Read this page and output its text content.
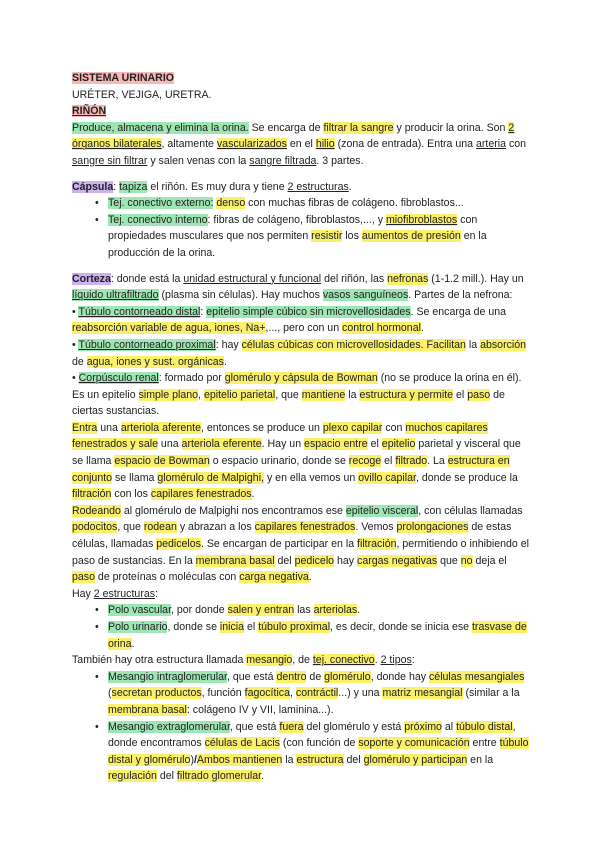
SISTEMA URINARIO

URÉTER, VEJIGA, URETRA.

RIÑÓN

Produce, almacena y elimina la orina. Se encarga de filtrar la sangre y producir la orina. Son 2 órganos bilaterales, altamente vascularizados en el hilio (zona de entrada). Entra una arteria con sangre sin filtrar y salen venas con la sangre filtrada. 3 partes.

Cápsula: tapiza el riñón. Es muy dura y tiene 2 estructuras.

• Tej. conectivo externo: denso con muchas fibras de colágeno. fibroblastos...
• Tej. conectivo interno: fibras de colágeno, fibroblastos,..., y miofibroblastos con propiedades musculares que nos permiten resistir los aumentos de presión en la producción de la orina.

Corteza: donde está la unidad estructural y funcional del riñón, las nefronas (1-1.2 mill.). Hay un líquido ultrafiltrado (plasma sin células). Hay muchos vasos sanguíneos. Partes de la nefrona:

• Túbulo contorneado distal: epitelio simple cúbico sin microvellosidades. Se encarga de una reabsorción variable de agua, iones, Na+,..., pero con un control hormonal.

• Túbulo contorneado proximal: hay células cúbicas con microvellosidades. Facilitan la absorción de agua, iones y sust. orgánicas.

• Corpúsculo renal: formado por glomérulo y cápsula de Bowman (no se produce la orina en él). Es un epitelio simple plano, epitelio parietal, que mantiene la estructura y permite el paso de ciertas sustancias.

Entra una arteriola aferente, entonces se produce un plexo capilar con muchos capilares fenestrados y sale una arteriola eferente. Hay un espacio entre el epitelio parietal y visceral que se llama espacio de Bowman o espacio urinario, donde se recoge el filtrado. La estructura en conjunto se llama glomérulo de Malpighi, y en ella vemos un ovillo capilar, donde se produce la filtración con los capilares fenestrados.

Rodeando al glomérulo de Malpighi nos encontramos ese epitelio visceral, con células llamadas podocitos, que rodean y abrazan a los capilares fenestrados. Vemos prolongaciones de estas células, llamadas pedicelos. Se encargan de participar en la filtración, permitiendo o inhibiendo el paso de sustancias. En la membrana basal del pedicelo hay cargas negativas que no deja el paso de proteínas o moléculas con carga negativa.

Hay 2 estructuras:

• Polo vascular, por donde salen y entran las arteriolas.
• Polo urinario, donde se inicia el túbulo proximal, es decir, donde se inicia ese trasvase de orina.

También hay otra estructura llamada mesangio, de tej. conectivo. 2 tipos:

• Mesangio intraglomerular, que está dentro de glomérulo, donde hay células mesangiales (secretan productos, función fagocítica, contráctil...) y una matriz mesangial (similar a la membrana basal: colágeno IV y VII, laminina...).
• Mesangio extraglomerular, que está fuera del glomérulo y está próximo al túbulo distal, donde encontramos células de Lacis (con función de soporte y comunicación entre túbulo distal y glomérulo)/Ambos mantienen la estructura del glomérulo y participan en la regulación del filtrado glomerular.
